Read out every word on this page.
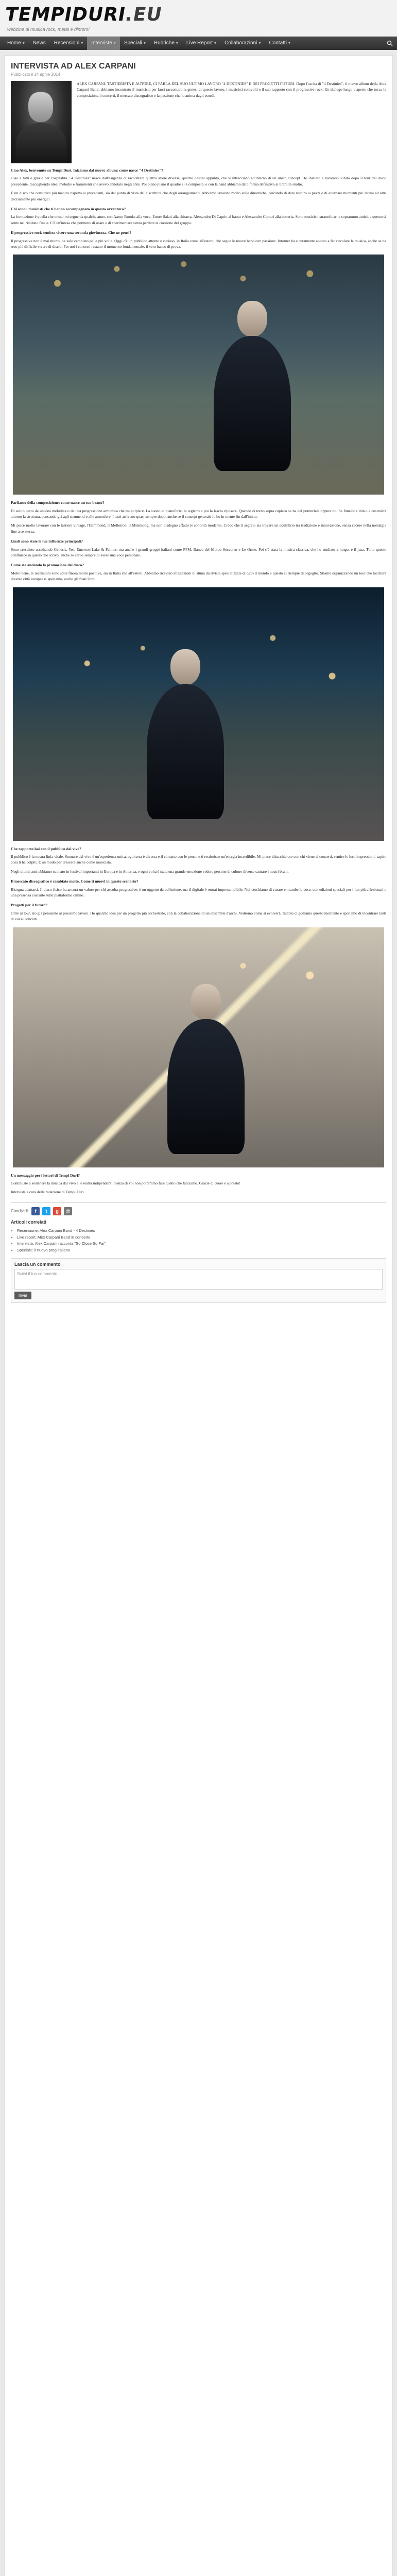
TEMPIDURI.EU
webzine di musica rock, metal e dintorni
Home ▾ News Recensioni ▾ Interviste ▾ Speciali ▾ Rubriche ▾ Live Report ▾ Collaborazioni ▾ Contatti ▾
INTERVISTA AD ALEX CARPANI
Pubblicato il 14 aprile 2014
ALEX CARPANI, TASTIERISTA E AUTORE, CI PARLA DEL SUO ULTIMO LAVORO "4 DESTINIES" E DEI PROGETTI FUTURI. Dopo l'uscita di "4 Destinies", il nuovo album della Alex Carpani Band, abbiamo incontrato il musicista per farci raccontare la genesi di questo lavoro, i musicisti coinvolti e il suo rapporto con il progressive rock. Un dialogo lungo e aperto che tocca la composizione, i concerti, il mercato discografico e la passione che lo anima dagli esordi.

Ciao Alex, benvenuto su Tempi Duri. Iniziamo dal nuovo album: come nasce "4 Destinies"?

Ciao a tutti e grazie per l'ospitalità. "4 Destinies" nasce dall'esigenza di raccontare quattro storie diverse, quattro destini appunto, che si intrecciano all'interno di un unico concept. Ho iniziato a lavorarci subito dopo il tour del disco precedente, raccogliendo idee, melodie e frammenti che avevo annotato negli anni. Poi piano piano il quadro si è composto, e con la band abbiamo dato forma definitiva ai brani in studio.

È un disco che considero più maturo rispetto ai precedenti, sia dal punto di vista della scrittura che degli arrangiamenti. Abbiamo lavorato molto sulle dinamiche, cercando di dare respiro ai pezzi e di alternare momenti più intimi ad altri decisamente più energici.

Chi sono i musicisti che ti hanno accompagnato in questa avventura?

La formazione è quella che ormai mi segue da qualche anno, con Aaron Brooks alla voce, Ettore Salati alla chitarra, Alessandro Di Caprio al basso e Alessandro Ciprari alla batteria. Sono musicisti straordinari e soprattutto amici, e questo si sente nel risultato finale. C'è un'intesa che permette di osare e di sperimentare senza perdere la coesione del gruppo.

Il progressive rock sembra vivere una seconda giovinezza. Che ne pensi?

Il progressive non è mai morto, ha solo cambiato pelle più volte. Oggi c'è un pubblico attento e curioso, in Italia come all'estero, che segue le nuove band con passione. Internet ha sicuramente aiutato a far circolare la musica, anche se ha reso più difficile vivere di dischi. Per noi i concerti restano il momento fondamentale, il vero banco di prova.

Parliamo della composizione: come nasce un tuo brano?

Di solito parto da un'idea melodica o da una progressione armonica che mi colpisce. La suono al pianoforte, la registro e poi la lascio riposare. Quando ci torno sopra capisco se ha del potenziale oppure no. Se funziona inizio a costruirci attorno la struttura, pensando già agli strumenti e alle atmosfere. I testi arrivano quasi sempre dopo, anche se il concept generale lo ho in mente fin dall'inizio.

Mi piace molto lavorare con le tastiere vintage, l'Hammond, il Mellotron, il Minimoog, ma non disdegno affatto le sonorità moderne. Credo che il segreto sia trovare un equilibrio tra tradizione e innovazione, senza cadere nella nostalgia fine a se stessa.

Quali sono state le tue influenze principali?

Sono cresciuto ascoltando Genesis, Yes, Emerson Lake & Palmer, ma anche i grandi gruppi italiani come PFM, Banco del Mutuo Soccorso e Le Orme. Poi c'è stata la musica classica, che ho studiato a lungo, e il jazz. Tutto questo confluisce in quello che scrivo, anche se cerco sempre di avere una voce personale.

Come sta andando la promozione del disco?

Molto bene, le recensioni sono state finora molto positive, sia in Italia che all'estero. Abbiamo ricevuto attestazioni di stima da riviste specializzate di tutto il mondo e questo ci riempie di orgoglio. Stiamo organizzando un tour che toccherà diverse città europee e, speriamo, anche gli Stati Uniti.

Che rapporto hai con il pubblico dal vivo?

Il pubblico è la nostra linfa vitale. Suonare dal vivo è un'esperienza unica, ogni sera è diversa e il contatto con le persone ti restituisce un'energia incredibile. Mi piace chiacchierare con chi viene ai concerti, sentire le loro impressioni, capire cosa li ha colpiti. È un modo per crescere anche come musicista.

Negli ultimi anni abbiamo suonato in festival importanti in Europa e in America, e ogni volta è stata una grande emozione vedere persone di culture diverse cantare i nostri brani.

Il mercato discografico è cambiato molto. Come ti muovi in questo scenario?

Bisogna adattarsi. Il disco fisico ha ancora un valore per chi ascolta progressive, è un oggetto da collezione, ma il digitale è ormai imprescindibile. Noi cerchiamo di curare entrambe le cose, con edizioni speciali per i fan più affezionati e una presenza costante sulle piattaforme online.

Progetti per il futuro?

Oltre al tour, sto già pensando al prossimo lavoro. Ho qualche idea per un progetto più orchestrale, con la collaborazione di un ensemble d'archi. Vedremo come si evolverà. Intanto ci godiamo questo momento e speriamo di incontrare tanti di voi ai concerti.

Un messaggio per i lettori di Tempi Duri?

Continuate a sostenere la musica dal vivo e le realtà indipendenti. Senza di voi non potremmo fare quello che facciamo. Grazie di cuore e a presto!

Intervista a cura della redazione di Tempi Duri.

Condividi:	f	t	g	@
Articoli correlati
• Recensione: Alex Carpani Band - 4 Destinies
• Live report: Alex Carpani Band in concerto
• Intervista: Alex Carpani racconta "So Close So Far"
• Speciale: il nuovo prog italiano
Lascia un commento
Scrivi il tuo commento...
Invia
